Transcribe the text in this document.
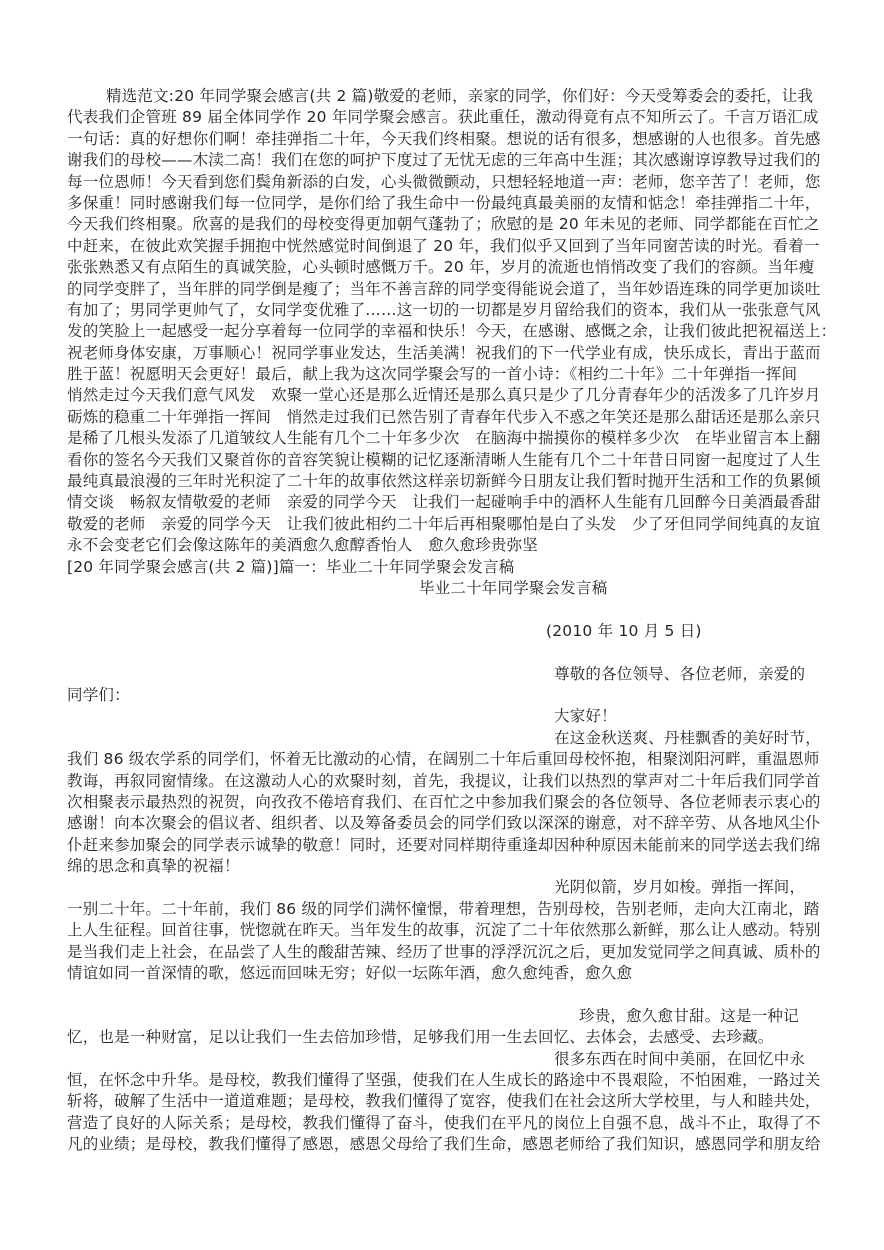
精选范文:20 年同学聚会感言(共 2 篇)敬爱的老师，亲家的同学，你们好：今天受筹委会的委托，让我
代表我们企管班 89 届全体同学作 20 年同学聚会感言。获此重任，激动得竟有点不知所云了。千言万语汇成
一句话：真的好想你们啊！牵挂弹指二十年，今天我们终相聚。想说的话有很多，想感谢的人也很多。首先感
谢我们的母校——木渎二高！我们在您的呵护下度过了无忧无虑的三年高中生涯；其次感谢谆谆教导过我们的
每一位恩师！今天看到您们鬓角新添的白发，心头微微颤动，只想轻轻地道一声：老师，您辛苦了！老师，您
多保重！同时感谢我们每一位同学，是你们给了我生命中一份最纯真最美丽的友情和惦念！牵挂弹指二十年，
今天我们终相聚。欣喜的是我们的母校变得更加朝气蓬勃了；欣慰的是 20 年未见的老师、同学都能在百忙之
中赶来，在彼此欢笑握手拥抱中恍然感觉时间倒退了 20 年，我们似乎又回到了当年同窗苦读的时光。看着一
张张熟悉又有点陌生的真诚笑脸，心头顿时感慨万千。20 年，岁月的流逝也悄悄改变了我们的容颜。当年瘦
的同学变胖了，当年胖的同学倒是瘦了；当年不善言辞的同学变得能说会道了，当年妙语连珠的同学更加谈吐
有加了；男同学更帅气了，女同学变优雅了……这一切的一切都是岁月留给我们的资本，我们从一张张意气风
发的笑脸上一起感受一起分享着每一位同学的幸福和快乐！今天，在感谢、感慨之余，让我们彼此把祝福送上：
祝老师身体安康，万事顺心！祝同学事业发达，生活美满！祝我们的下一代学业有成，快乐成长，青出于蓝而
胜于蓝！祝愿明天会更好！最后，献上我为这次同学聚会写的一首小诗：《相约二十年》二十年弹指一挥间
悄然走过今天我们意气风发　欢聚一堂心还是那么近情还是那么真只是少了几分青春年少的活泼多了几许岁月
砺炼的稳重二十年弹指一挥间　悄然走过我们已然告别了青春年代步入不惑之年笑还是那么甜话还是那么亲只
是稀了几根头发添了几道皱纹人生能有几个二十年多少次　在脑海中揣摸你的模样多少次　在毕业留言本上翻
看你的签名今天我们又聚首你的音容笑貌让模糊的记忆逐渐清晰人生能有几个二十年昔日同窗一起度过了人生
最纯真最浪漫的三年时光积淀了二十年的故事依然这样亲切新鲜今日朋友让我们暂时抛开生活和工作的负累倾
情交谈　畅叙友情敬爱的老师　亲爱的同学今天　让我们一起碰响手中的酒杯人生能有几回醉今日美酒最香甜
敬爱的老师　亲爱的同学今天　让我们彼此相约二十年后再相聚哪怕是白了头发　少了牙但同学间纯真的友谊
永不会变老它们会像这陈年的美酒愈久愈醇香怡人　愈久愈珍贵弥坚
[20 年同学聚会感言(共 2 篇)]篇一：毕业二十年同学聚会发言稿
毕业二十年同学聚会发言稿
(2010 年 10 月 5 日)
尊敬的各位领导、各位老师，亲爱的
同学们：
大家好！
在这金秋送爽、丹桂飘香的美好时节，
我们 86 级农学系的同学们，怀着无比激动的心情，在阔别二十年后重回母校怀抱，相聚浏阳河畔，重温恩师
教诲，再叙同窗情缘。在这激动人心的欢聚时刻，首先，我提议，让我们以热烈的掌声对二十年后我们同学首
次相聚表示最热烈的祝贺，向孜孜不倦培育我们、在百忙之中参加我们聚会的各位领导、各位老师表示衷心的
感谢！向本次聚会的倡议者、组织者、以及筹备委员会的同学们致以深深的谢意，对不辞辛劳、从各地风尘仆
仆赶来参加聚会的同学表示诚挚的敬意！同时，还要对同样期待重逢却因种种原因未能前来的同学送去我们绵
绵的思念和真挚的祝福！
光阴似箭，岁月如梭。弹指一挥间，
一别二十年。二十年前，我们 86 级的同学们满怀憧憬，带着理想，告别母校，告别老师，走向大江南北，踏
上人生征程。回首往事，恍惚就在昨天。当年发生的故事，沉淀了二十年依然那么新鲜，那么让人感动。特别
是当我们走上社会，在品尝了人生的酸甜苦辣、经历了世事的浮浮沉沉之后，更加发觉同学之间真诚、质朴的
情谊如同一首深情的歌，悠远而回味无穷；好似一坛陈年酒，愈久愈纯香，愈久愈
珍贵，愈久愈甘甜。这是一种记
忆，也是一种财富，足以让我们一生去倍加珍惜，足够我们用一生去回忆、去体会，去感受、去珍藏。
很多东西在时间中美丽，在回忆中永
恒，在怀念中升华。是母校，教我们懂得了坚强，使我们在人生成长的路途中不畏艰险，不怕困难，一路过关
斩将，破解了生活中一道道难题；是母校，教我们懂得了宽容，使我们在社会这所大学校里，与人和睦共处，
营造了良好的人际关系；是母校，教我们懂得了奋斗，使我们在平凡的岗位上自强不息，战斗不止，取得了不
凡的业绩；是母校，教我们懂得了感恩，感恩父母给了我们生命，感恩老师给了我们知识，感恩同学和朋友给
